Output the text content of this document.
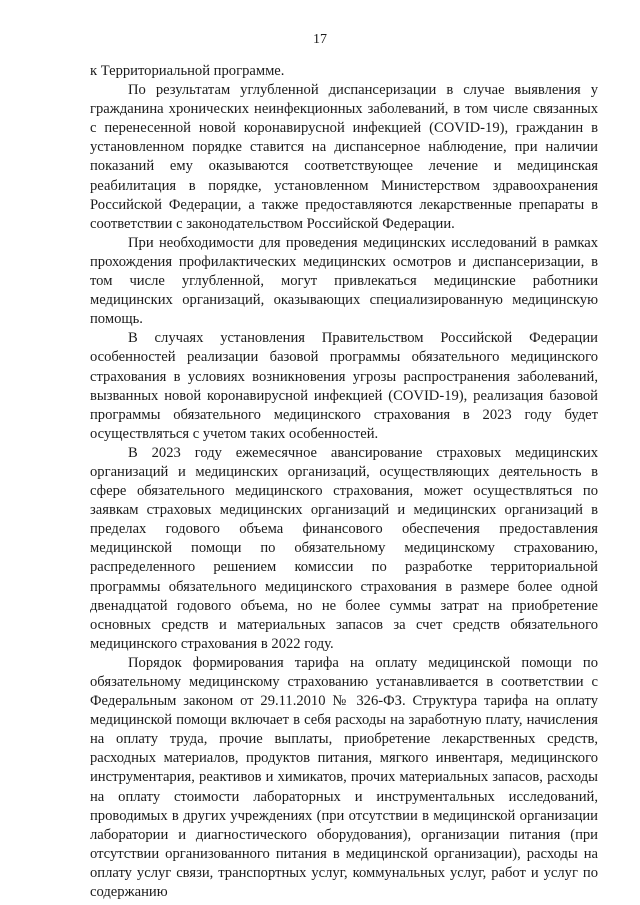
17

к Территориальной программе.

По результатам углубленной диспансеризации в случае выявления у гражданина хронических неинфекционных заболеваний, в том числе связанных с перенесенной новой коронавирусной инфекцией (COVID-19), гражданин в установленном порядке ставится на диспансерное наблюдение, при наличии показаний ему оказываются соответствующее лечение и медицинская реабилитация в порядке, установленном Министерством здравоохранения Российской Федерации, а также предоставляются лекарственные препараты в соответствии с законодательством Российской Федерации.

При необходимости для проведения медицинских исследований в рамках прохождения профилактических медицинских осмотров и диспансеризации, в том числе углубленной, могут привлекаться медицинские работники медицинских организаций, оказывающих специализированную медицинскую помощь.

В случаях установления Правительством Российской Федерации особенностей реализации базовой программы обязательного медицинского страхования в условиях возникновения угрозы распространения заболеваний, вызванных новой коронавирусной инфекцией (COVID-19), реализация базовой программы обязательного медицинского страхования в 2023 году будет осуществляться с учетом таких особенностей.

В 2023 году ежемесячное авансирование страховых медицинских организаций и медицинских организаций, осуществляющих деятельность в сфере обязательного медицинского страхования, может осуществляться по заявкам страховых медицинских организаций и медицинских организаций в пределах годового объема финансового обеспечения предоставления медицинской помощи по обязательному медицинскому страхованию, распределенного решением комиссии по разработке территориальной программы обязательного медицинского страхования в размере более одной двенадцатой годового объема, но не более суммы затрат на приобретение основных средств и материальных запасов за счет средств обязательного медицинского страхования в 2022 году.

Порядок формирования тарифа на оплату медицинской помощи по обязательному медицинскому страхованию устанавливается в соответствии с Федеральным законом от 29.11.2010 № 326-ФЗ. Структура тарифа на оплату медицинской помощи включает в себя расходы на заработную плату, начисления на оплату труда, прочие выплаты, приобретение лекарственных средств, расходных материалов, продуктов питания, мягкого инвентаря, медицинского инструментария, реактивов и химикатов, прочих материальных запасов, расходы на оплату стоимости лабораторных и инструментальных исследований, проводимых в других учреждениях (при отсутствии в медицинской организации лаборатории и диагностического оборудования), организации питания (при отсутствии организованного питания в медицинской организации), расходы на оплату услуг связи, транспортных услуг, коммунальных услуг, работ и услуг по содержанию
